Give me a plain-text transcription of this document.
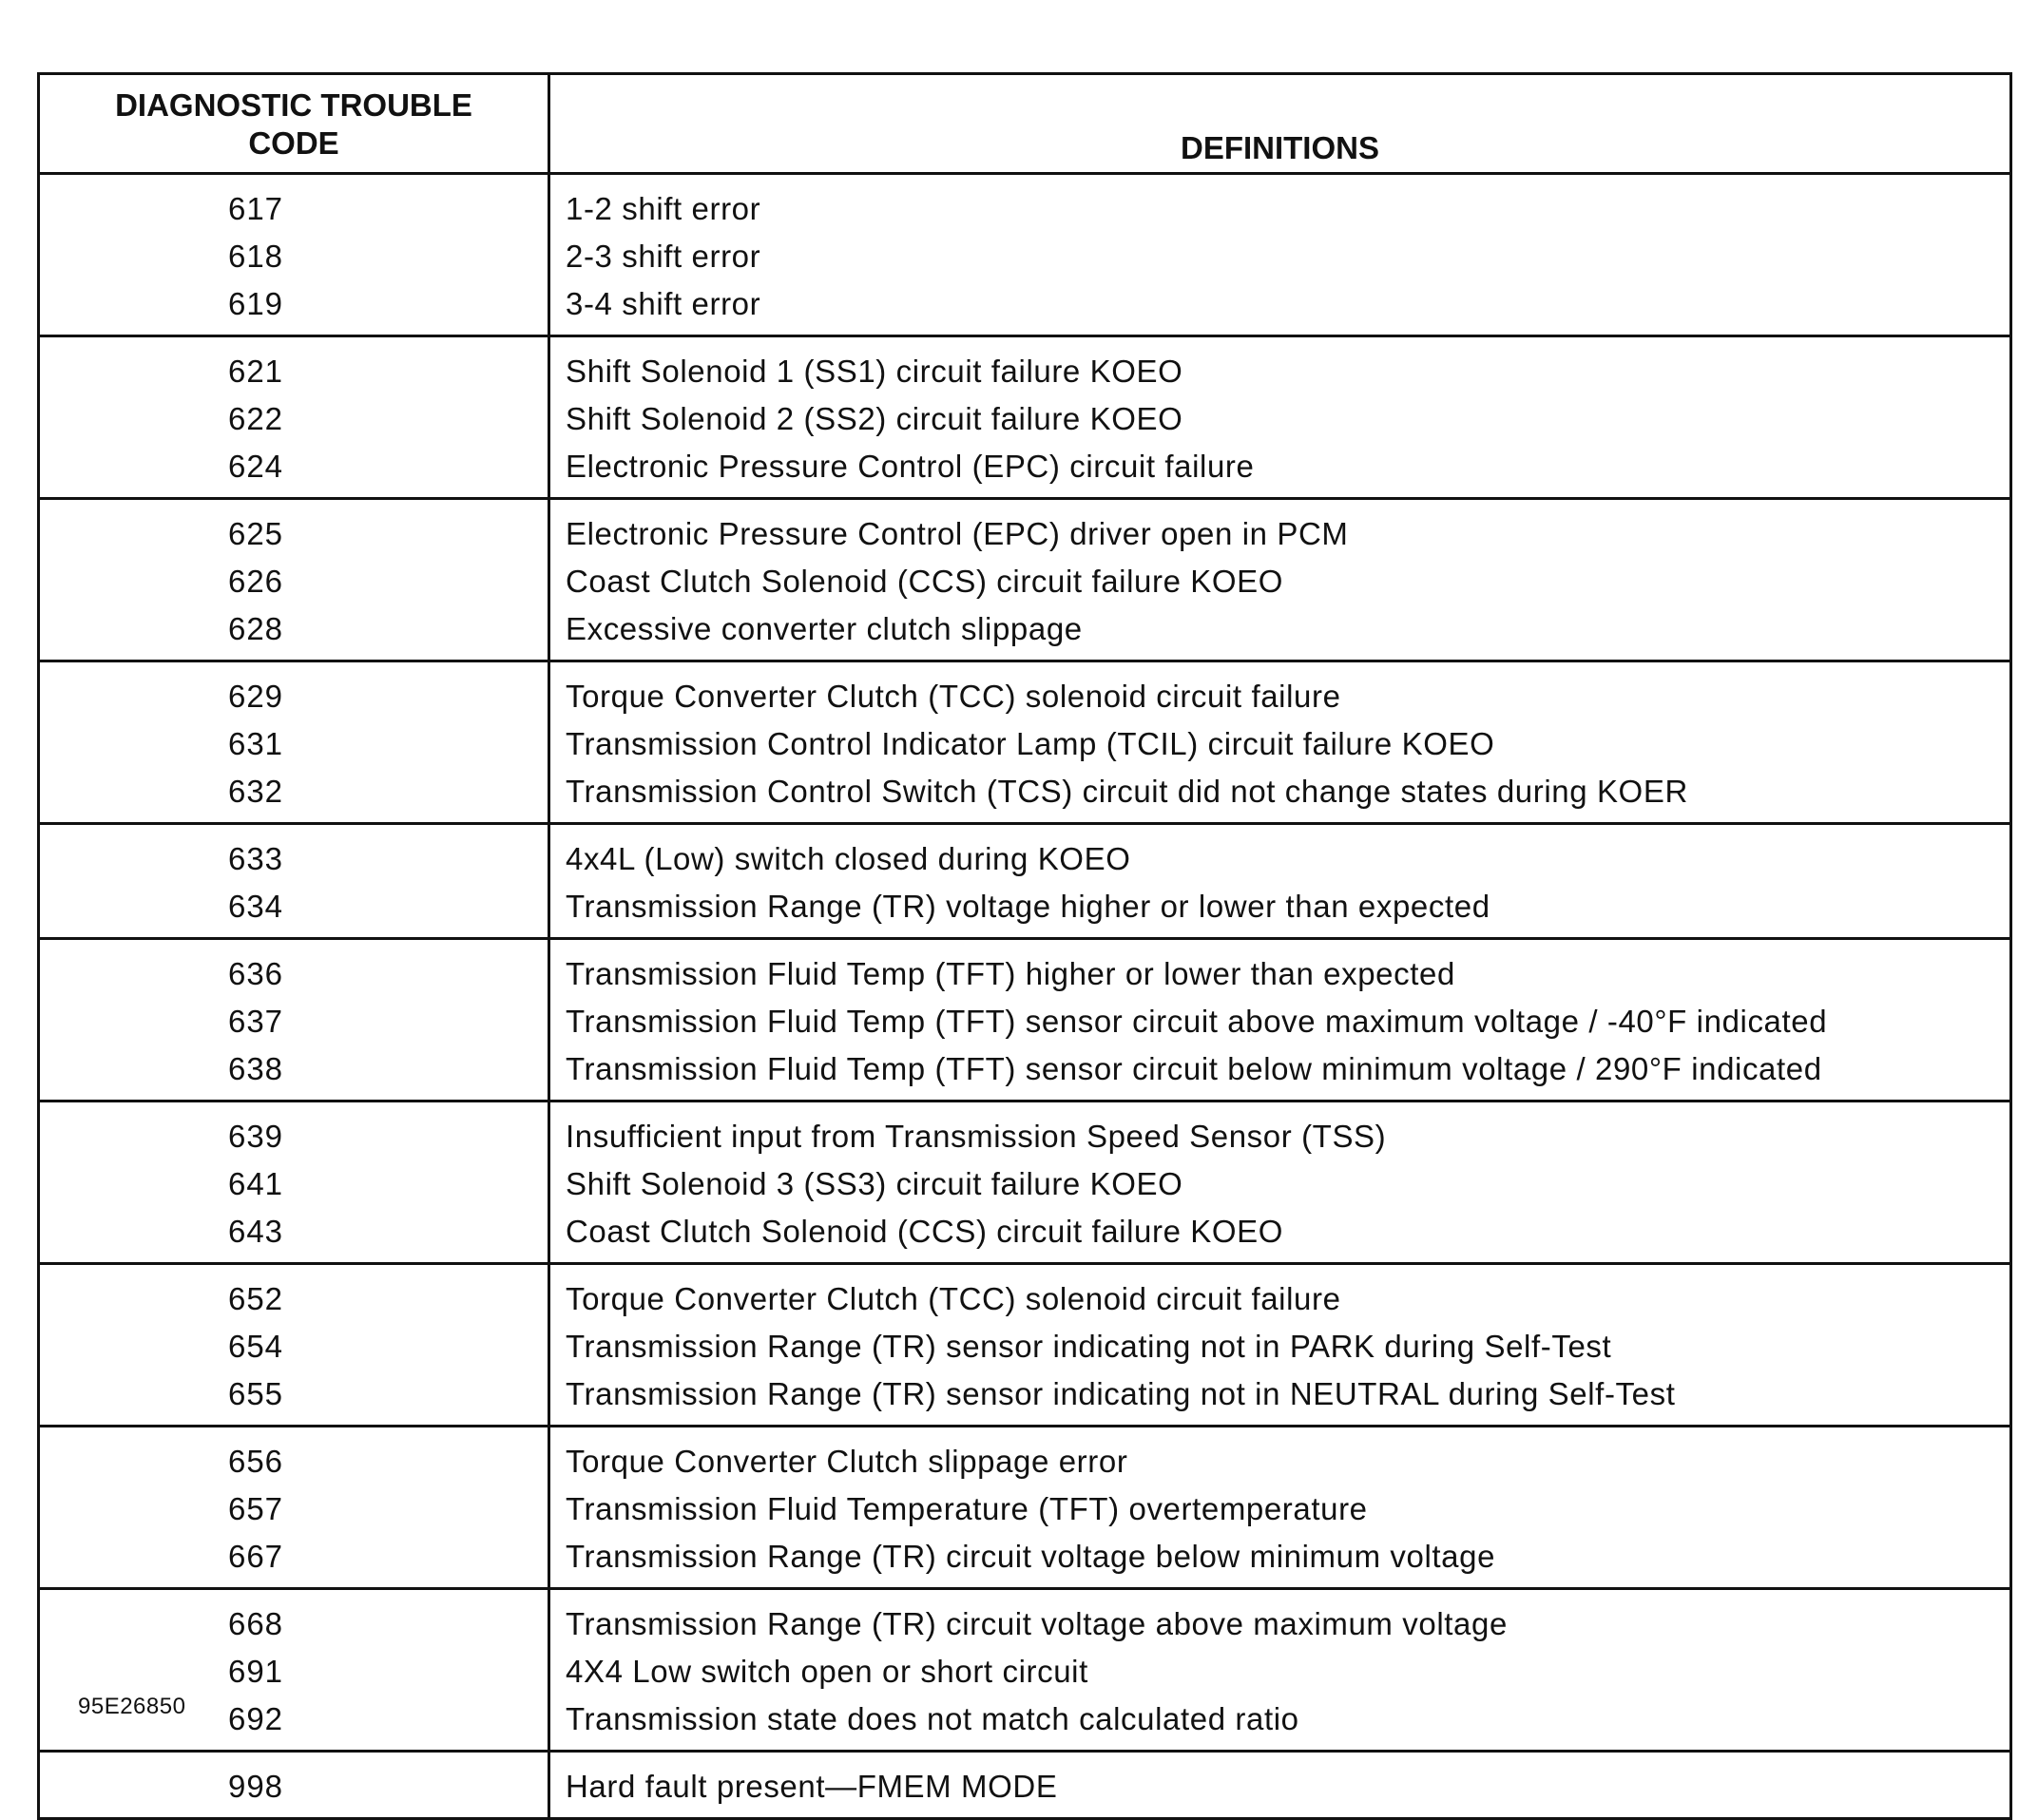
DIAGNOSTIC TROUBLE
CODE	DEFINITIONS
617
618
619
1-2 shift error
2-3 shift error
3-4 shift error
621
622
624
Shift Solenoid 1 (SS1) circuit failure KOEO
Shift Solenoid 2 (SS2) circuit failure KOEO
Electronic Pressure Control (EPC) circuit failure
625
626
628
Electronic Pressure Control (EPC) driver open in PCM
Coast Clutch Solenoid (CCS) circuit failure KOEO
Excessive converter clutch slippage
629
631
632
Torque Converter Clutch (TCC) solenoid circuit failure
Transmission Control Indicator Lamp (TCIL) circuit failure KOEO
Transmission Control Switch (TCS) circuit did not change states during KOER
633
634
4x4L (Low) switch closed during KOEO
Transmission Range (TR) voltage higher or lower than expected
636
637
638
Transmission Fluid Temp (TFT) higher or lower than expected
Transmission Fluid Temp (TFT) sensor circuit above maximum voltage / -40°F indicated
Transmission Fluid Temp (TFT) sensor circuit below minimum voltage / 290°F indicated
639
641
643
Insufficient input from Transmission Speed Sensor (TSS)
Shift Solenoid 3 (SS3) circuit failure KOEO
Coast Clutch Solenoid (CCS) circuit failure KOEO
652
654
655
Torque Converter Clutch (TCC) solenoid circuit failure
Transmission Range (TR) sensor indicating not in PARK during Self-Test
Transmission Range (TR) sensor indicating not in NEUTRAL during Self-Test
656
657
667
Torque Converter Clutch slippage error
Transmission Fluid Temperature (TFT) overtemperature
Transmission Range (TR) circuit voltage below minimum voltage
668
691
692
Transmission Range (TR) circuit voltage above maximum voltage
4X4 Low switch open or short circuit
Transmission state does not match calculated ratio
998	Hard fault present—FMEM MODE
95E26850
